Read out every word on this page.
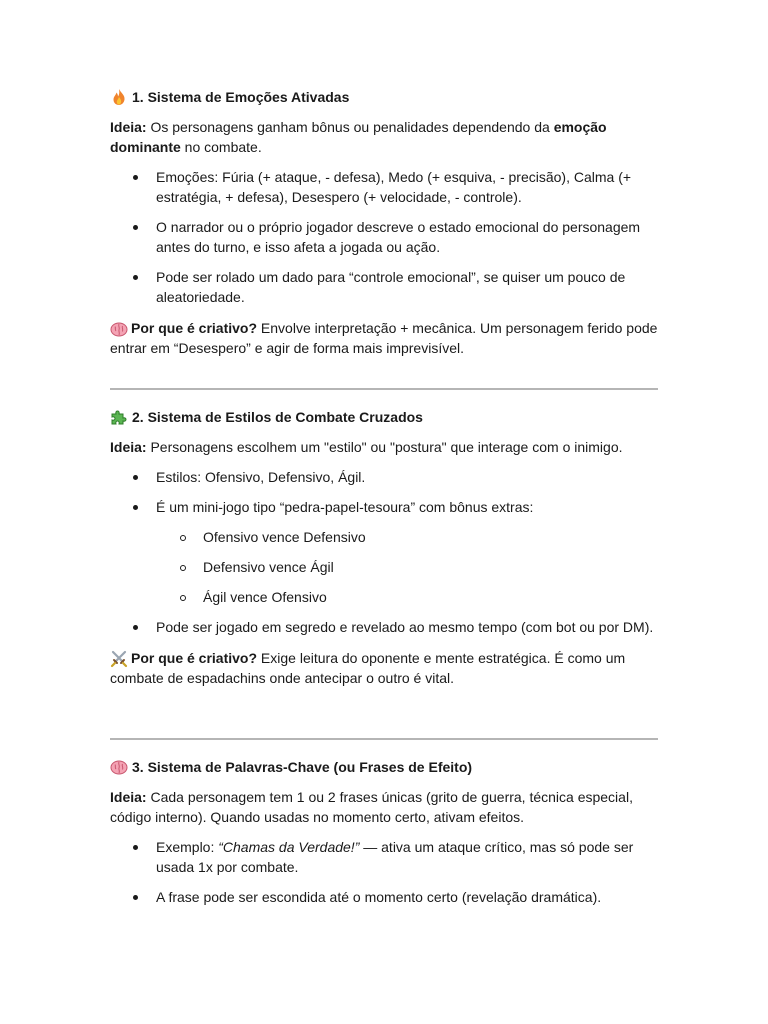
1. Sistema de Emoções Ativadas

Ideia: Os personagens ganham bônus ou penalidades dependendo da emoção dominante no combate.

Emoções: Fúria (+ ataque, - defesa), Medo (+ esquiva, - precisão), Calma (+ estratégia, + defesa), Desespero (+ velocidade, - controle).
O narrador ou o próprio jogador descreve o estado emocional do personagem antes do turno, e isso afeta a jogada ou ação.
Pode ser rolado um dado para “controle emocional”, se quiser um pouco de aleatoriedade.

Por que é criativo? Envolve interpretação + mecânica. Um personagem ferido pode entrar em “Desespero” e agir de forma mais imprevisível.

2. Sistema de Estilos de Combate Cruzados

Ideia: Personagens escolhem um "estilo" ou "postura" que interage com o inimigo.

Estilos: Ofensivo, Defensivo, Ágil.
É um mini-jogo tipo “pedra-papel-tesoura” com bônus extras:
Ofensivo vence Defensivo
Defensivo vence Ágil
Ágil vence Ofensivo
Pode ser jogado em segredo e revelado ao mesmo tempo (com bot ou por DM).

Por que é criativo? Exige leitura do oponente e mente estratégica. É como um combate de espadachins onde antecipar o outro é vital.

3. Sistema de Palavras-Chave (ou Frases de Efeito)

Ideia: Cada personagem tem 1 ou 2 frases únicas (grito de guerra, técnica especial, código interno). Quando usadas no momento certo, ativam efeitos.

Exemplo: “Chamas da Verdade!” — ativa um ataque crítico, mas só pode ser usada 1x por combate.
A frase pode ser escondida até o momento certo (revelação dramática).
